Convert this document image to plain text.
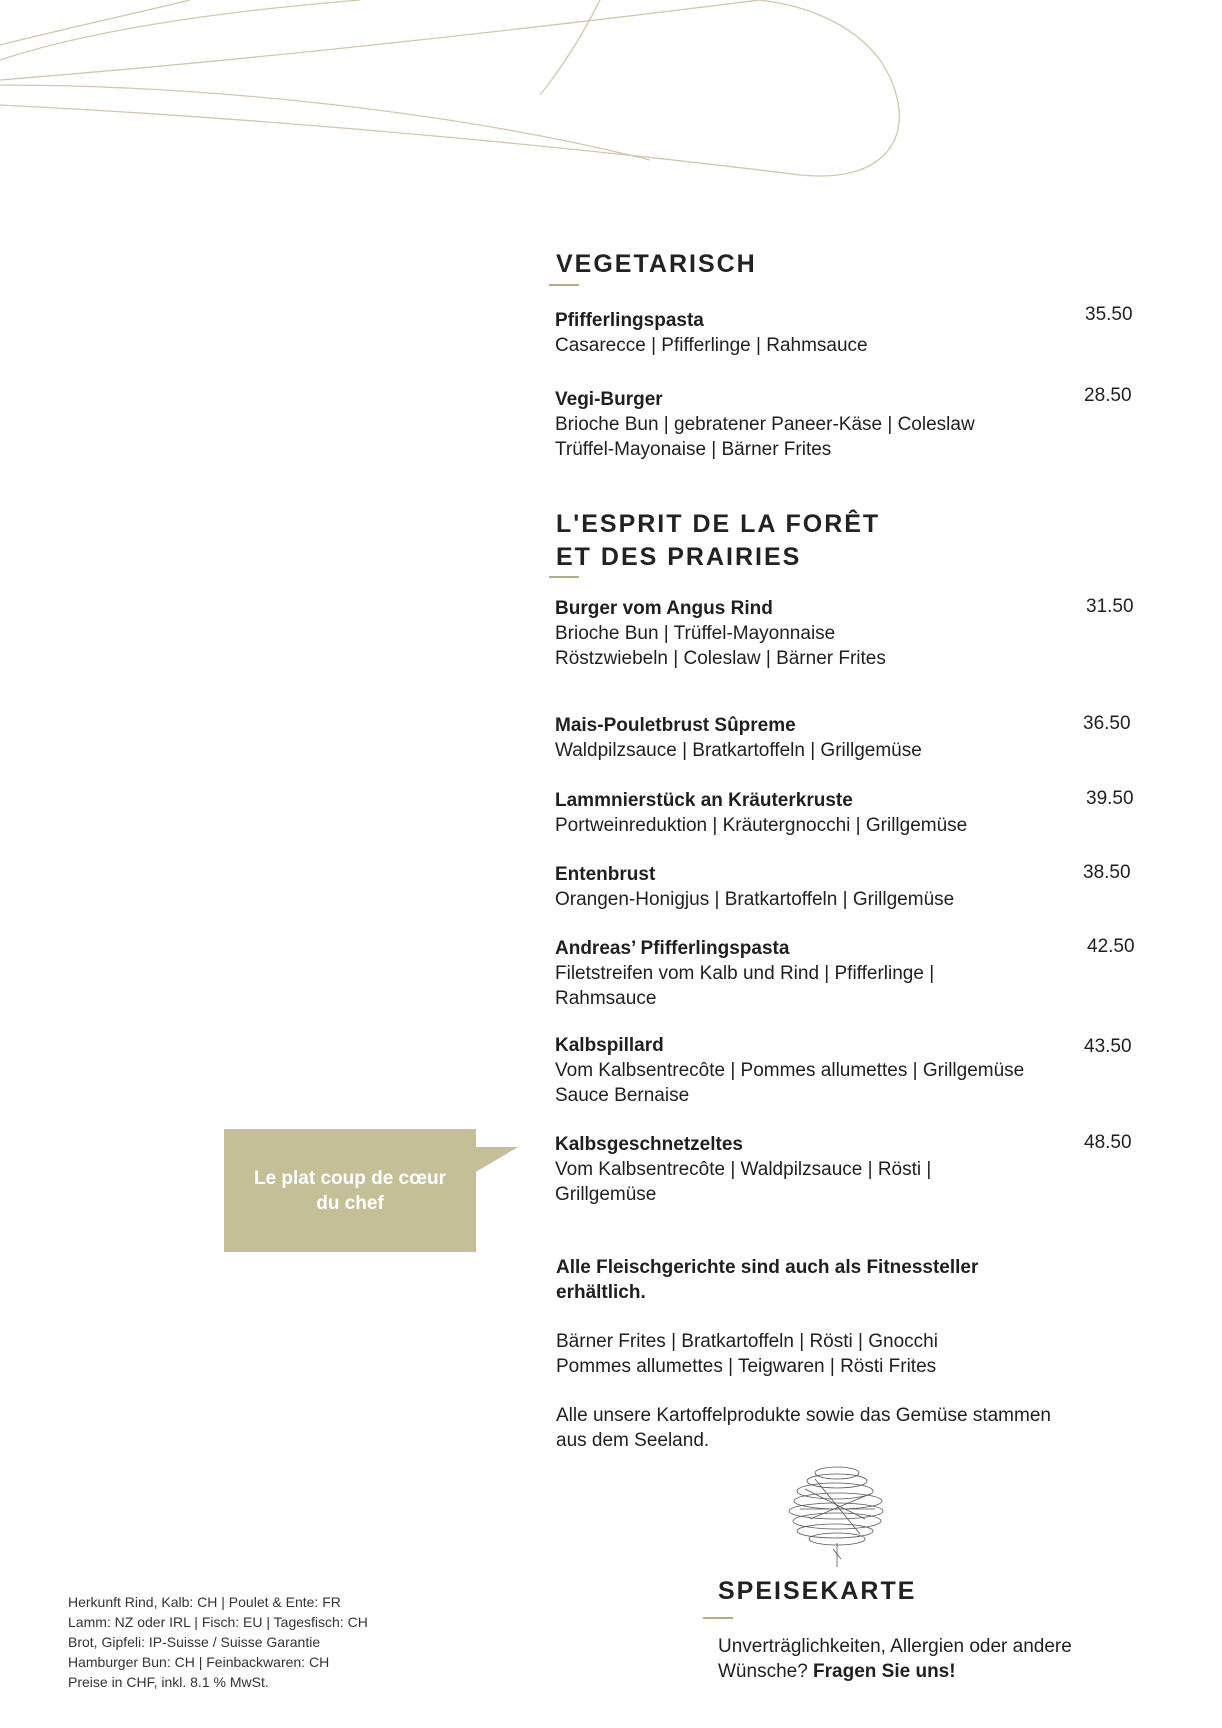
VEGETARISCH
Pfifferlingspasta
Casarecce | Pfifferlinge | Rahmsauce
35.50
Vegi-Burger
Brioche Bun | gebratener Paneer-Käse | Coleslaw
Trüffel-Mayonaise | Bärner Frites
28.50
L'ESPRIT DE LA FORÊT
ET DES PRAIRIES
Burger vom Angus Rind
Brioche Bun | Trüffel-Mayonnaise
Röstzwiebeln | Coleslaw | Bärner Frites
31.50
Mais-Pouletbrust Sûpreme
Waldpilzsauce | Bratkartoffeln | Grillgemüse
36.50
Lammnierstück an Kräuterkruste
Portweinreduktion | Kräutergnocchi | Grillgemüse
39.50
Entenbrust
Orangen-Honigjus | Bratkartoffeln | Grillgemüse
38.50
Andreas’ Pfifferlingspasta
Filetstreifen vom Kalb und Rind | Pfifferlinge |
Rahmsauce
42.50
Kalbspillard
Vom Kalbsentrecôte | Pommes allumettes | Grillgemüse
Sauce Bernaise
43.50
Kalbsgeschnetzeltes
Vom Kalbsentrecôte | Waldpilzsauce | Rösti |
Grillgemüse
48.50
Le plat coup de cœur du chef
Alle Fleischgerichte sind auch als Fitnessteller
erhältlich.
Bärner Frites | Bratkartoffeln | Rösti | Gnocchi
Pommes allumettes | Teigwaren | Rösti Frites
Alle unsere Kartoffelprodukte sowie das Gemüse stammen
aus dem Seeland.
Herkunft Rind, Kalb: CH | Poulet & Ente: FR
Lamm: NZ oder IRL | Fisch: EU | Tagesfisch: CH
Brot, Gipfeli: IP-Suisse / Suisse Garantie
Hamburger Bun: CH | Feinbackwaren: CH
Preise in CHF, inkl. 8.1 % MwSt.
SPEISEKARTE
Unverträglichkeiten, Allergien oder andere
Wünsche? Fragen Sie uns!
